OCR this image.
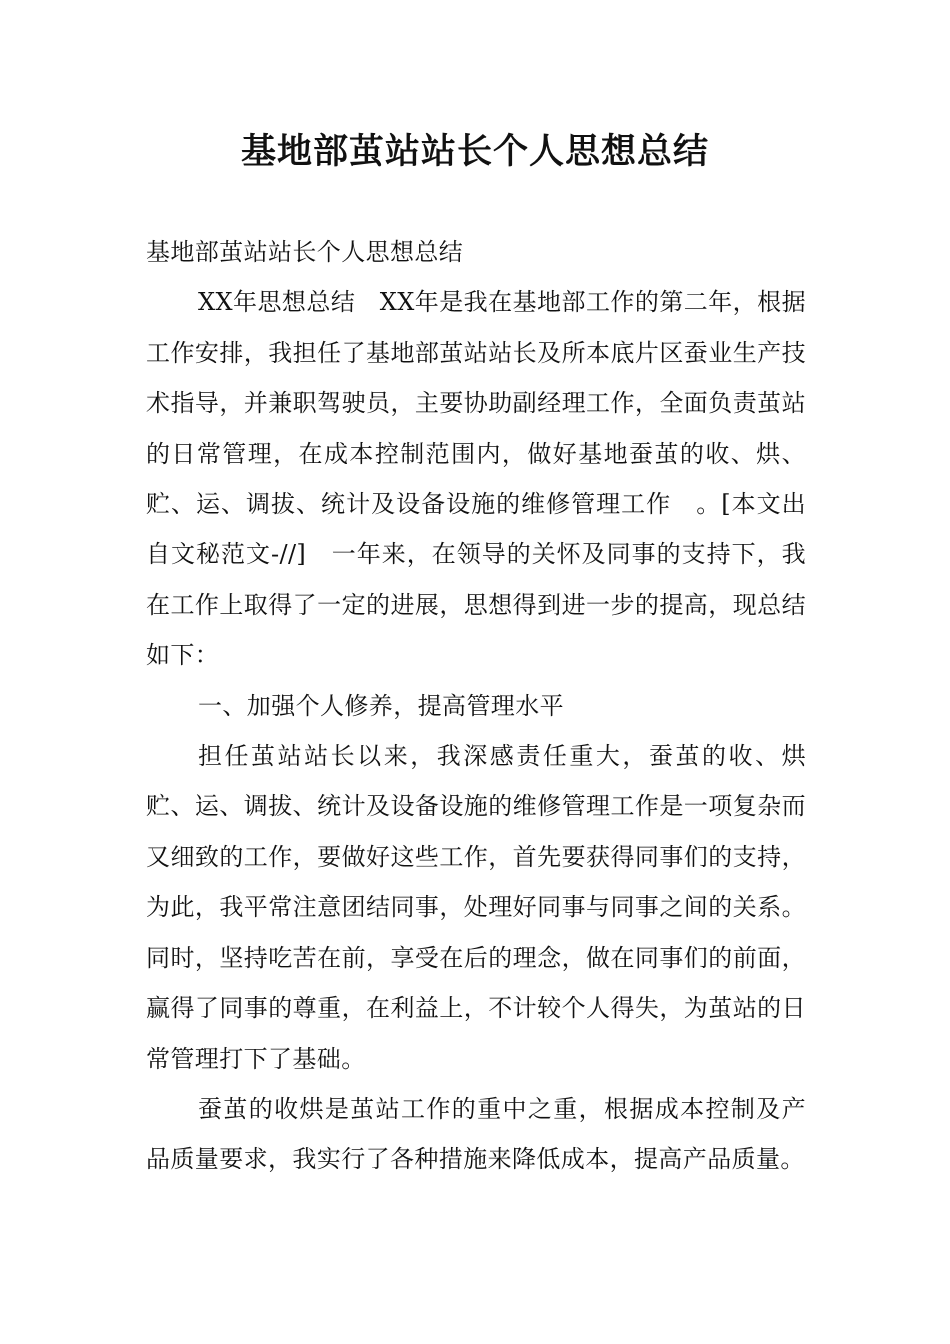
基地部茧站站长个人思想总结

基地部茧站站长个人思想总结

XX年思想总结　XX年是我在基地部工作的第二年，根据工作安排，我担任了基地部茧站站长及所本底片区蚕业生产技术指导，并兼职驾驶员，主要协助副经理工作，全面负责茧站的日常管理，在成本控制范围内，做好基地蚕茧的收、烘、贮、运、调拔、统计及设备设施的维修管理工作　。[本文出自文秘范文-//]　一年来，在领导的关怀及同事的支持下，我在工作上取得了一定的进展，思想得到进一步的提高，现总结如下：

一、加强个人修养，提高管理水平

担任茧站站长以来，我深感责任重大，蚕茧的收、烘贮、运、调拔、统计及设备设施的维修管理工作是一项复杂而又细致的工作，要做好这些工作，首先要获得同事们的支持，为此，我平常注意团结同事，处理好同事与同事之间的关系。同时，坚持吃苦在前，享受在后的理念，做在同事们的前面，赢得了同事的尊重，在利益上，不计较个人得失，为茧站的日常管理打下了基础。

蚕茧的收烘是茧站工作的重中之重，根据成本控制及产品质量要求，我实行了各种措施来降低成本，提高产品质量。
